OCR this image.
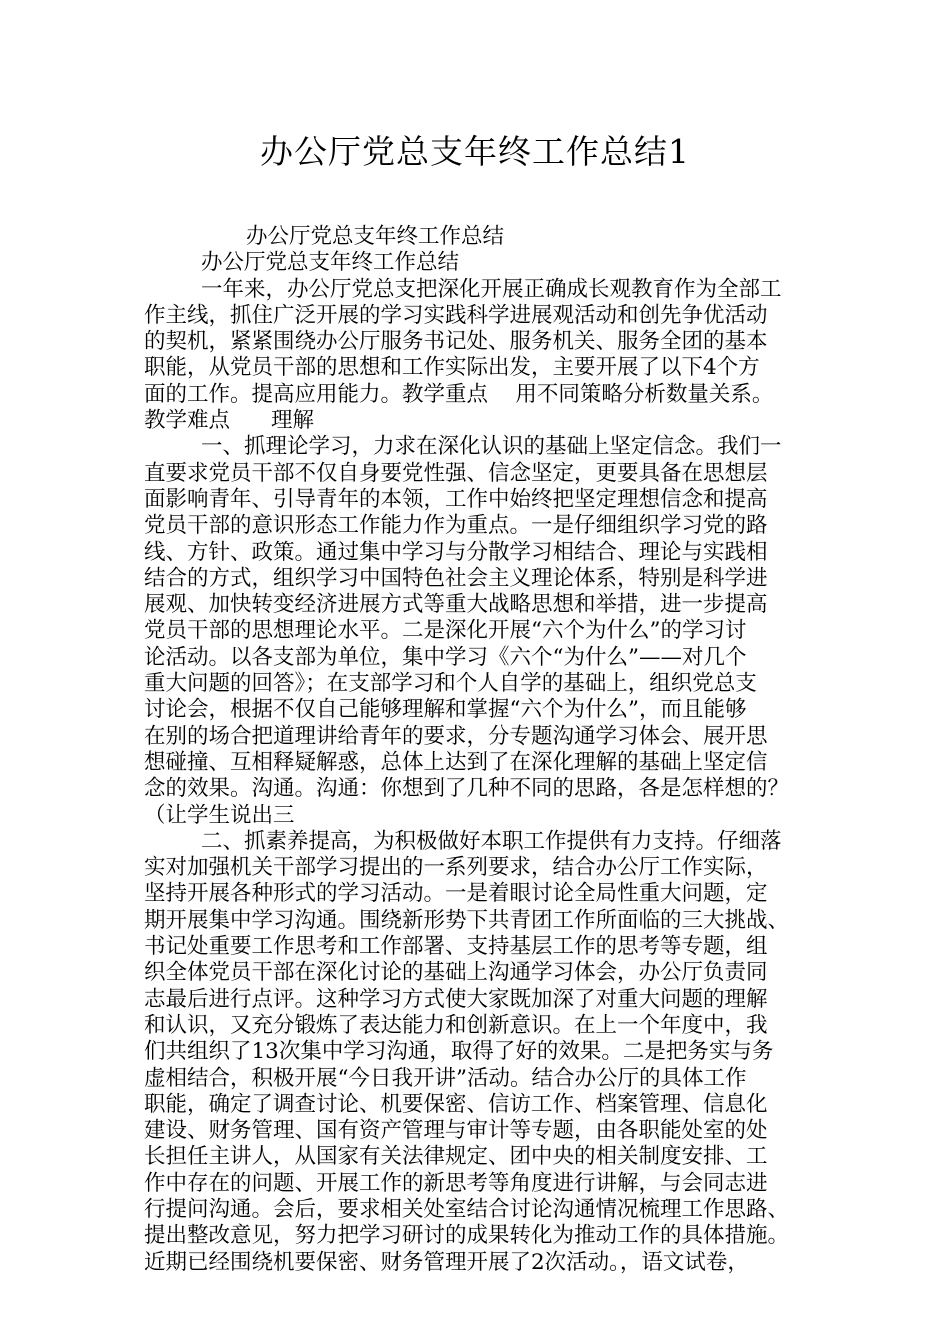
办公厅党总支年终工作总结1
办公厅党总支年终工作总结
办公厅党总支年终工作总结
一年来，办公厅党总支把深化开展正确成长观教育作为全部工
作主线，抓住广泛开展的学习实践科学进展观活动和创先争优活动
的契机，紧紧围绕办公厅服务书记处、服务机关、服务全团的基本
职能，从党员干部的思想和工作实际出发，主要开展了以下4个方
面的工作。提高应用能力。教学重点    用不同策略分析数量关系。
教学难点      理解
一、抓理论学习，力求在深化认识的基础上坚定信念。我们一
直要求党员干部不仅自身要党性强、信念坚定，更要具备在思想层
面影响青年、引导青年的本领，工作中始终把坚定理想信念和提高
党员干部的意识形态工作能力作为重点。一是仔细组织学习党的路
线、方针、政策。通过集中学习与分散学习相结合、理论与实践相
结合的方式，组织学习中国特色社会主义理论体系，特别是科学进
展观、加快转变经济进展方式等重大战略思想和举措，进一步提高
党员干部的思想理论水平。二是深化开展“六个为什么”的学习讨
论活动。以各支部为单位，集中学习《六个“为什么”——对几个
重大问题的回答》；在支部学习和个人自学的基础上，组织党总支
讨论会，根据不仅自己能够理解和掌握“六个为什么”，而且能够
在别的场合把道理讲给青年的要求，分专题沟通学习体会、展开思
想碰撞、互相释疑解惑，总体上达到了在深化理解的基础上坚定信
念的效果。沟通。沟通：你想到了几种不同的思路，各是怎样想的？
（让学生说出三
二、抓素养提高，为积极做好本职工作提供有力支持。仔细落
实对加强机关干部学习提出的一系列要求，结合办公厅工作实际，
坚持开展各种形式的学习活动。一是着眼讨论全局性重大问题，定
期开展集中学习沟通。围绕新形势下共青团工作所面临的三大挑战、
书记处重要工作思考和工作部署、支持基层工作的思考等专题，组
织全体党员干部在深化讨论的基础上沟通学习体会，办公厅负责同
志最后进行点评。这种学习方式使大家既加深了对重大问题的理解
和认识，又充分锻炼了表达能力和创新意识。在上一个年度中，我
们共组织了13次集中学习沟通，取得了好的效果。二是把务实与务
虚相结合，积极开展“今日我开讲”活动。结合办公厅的具体工作
职能，确定了调查讨论、机要保密、信访工作、档案管理、信息化
建设、财务管理、国有资产管理与审计等专题，由各职能处室的处
长担任主讲人，从国家有关法律规定、团中央的相关制度安排、工
作中存在的问题、开展工作的新思考等角度进行讲解，与会同志进
行提问沟通。会后，要求相关处室结合讨论沟通情况梳理工作思路、
提出整改意见，努力把学习研讨的成果转化为推动工作的具体措施。
近期已经围绕机要保密、财务管理开展了2次活动。，语文试卷，
